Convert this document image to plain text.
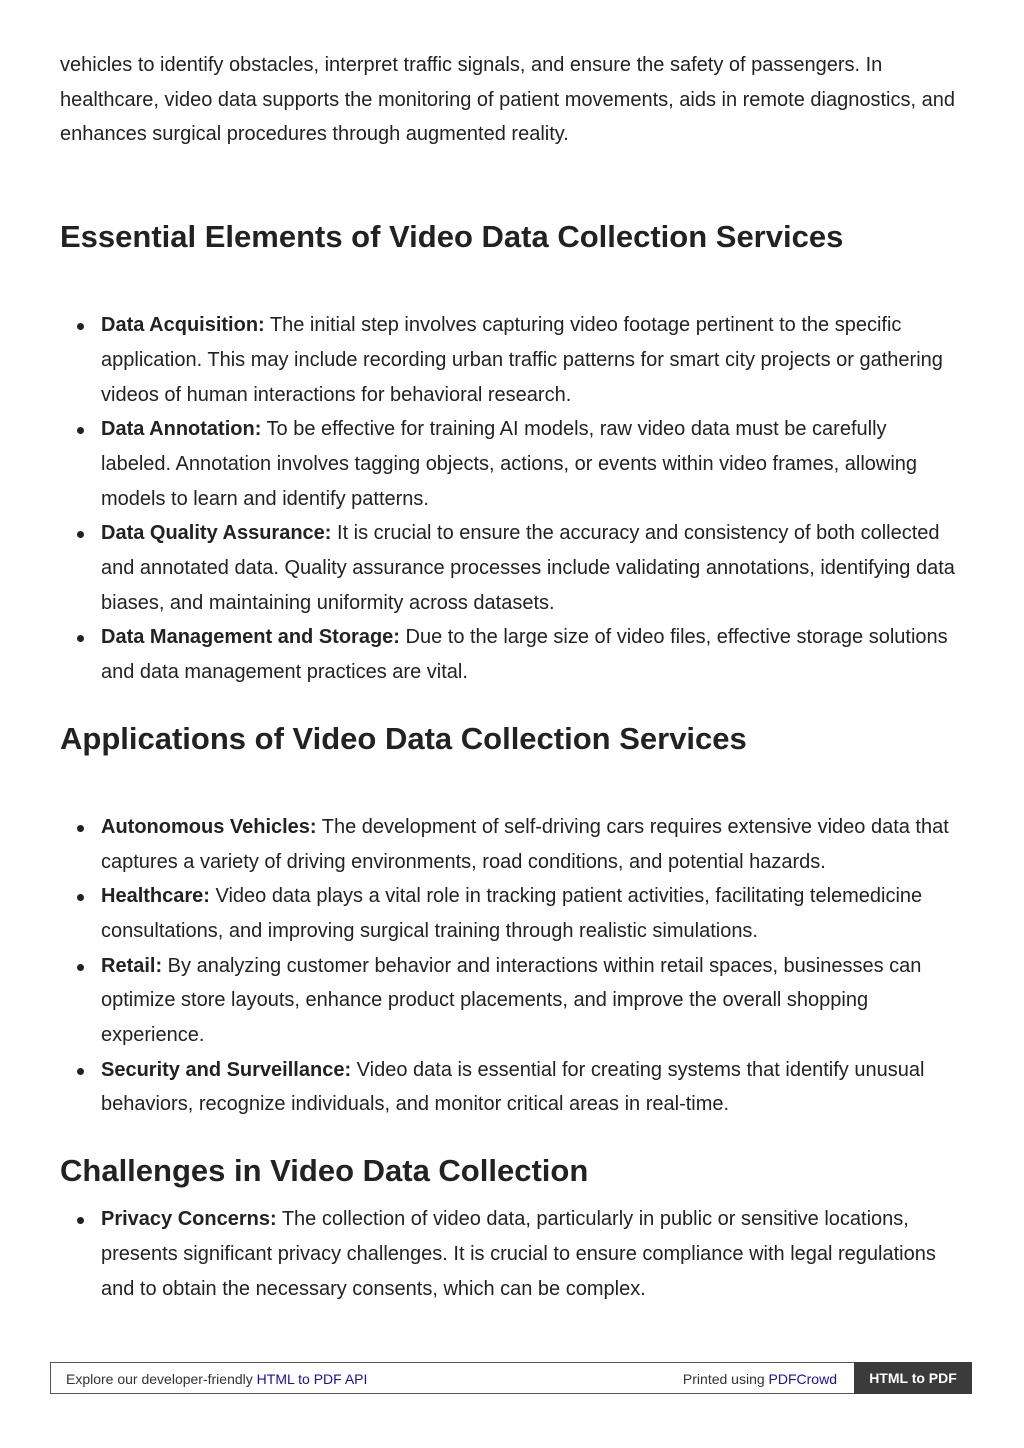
vehicles to identify obstacles, interpret traffic signals, and ensure the safety of passengers. In healthcare, video data supports the monitoring of patient movements, aids in remote diagnostics, and enhances surgical procedures through augmented reality.

Essential Elements of Video Data Collection Services
Data Acquisition: The initial step involves capturing video footage pertinent to the specific application. This may include recording urban traffic patterns for smart city projects or gathering videos of human interactions for behavioral research.
Data Annotation: To be effective for training AI models, raw video data must be carefully labeled. Annotation involves tagging objects, actions, or events within video frames, allowing models to learn and identify patterns.
Data Quality Assurance: It is crucial to ensure the accuracy and consistency of both collected and annotated data. Quality assurance processes include validating annotations, identifying data biases, and maintaining uniformity across datasets.
Data Management and Storage: Due to the large size of video files, effective storage solutions and data management practices are vital.
Applications of Video Data Collection Services
Autonomous Vehicles: The development of self-driving cars requires extensive video data that captures a variety of driving environments, road conditions, and potential hazards.
Healthcare: Video data plays a vital role in tracking patient activities, facilitating telemedicine consultations, and improving surgical training through realistic simulations.
Retail: By analyzing customer behavior and interactions within retail spaces, businesses can optimize store layouts, enhance product placements, and improve the overall shopping experience.
Security and Surveillance: Video data is essential for creating systems that identify unusual behaviors, recognize individuals, and monitor critical areas in real-time.
Challenges in Video Data Collection
Privacy Concerns: The collection of video data, particularly in public or sensitive locations, presents significant privacy challenges. It is crucial to ensure compliance with legal regulations and to obtain the necessary consents, which can be complex.
Explore our developer-friendly HTML to PDF API	Printed using PDFCrowd	HTML to PDF
